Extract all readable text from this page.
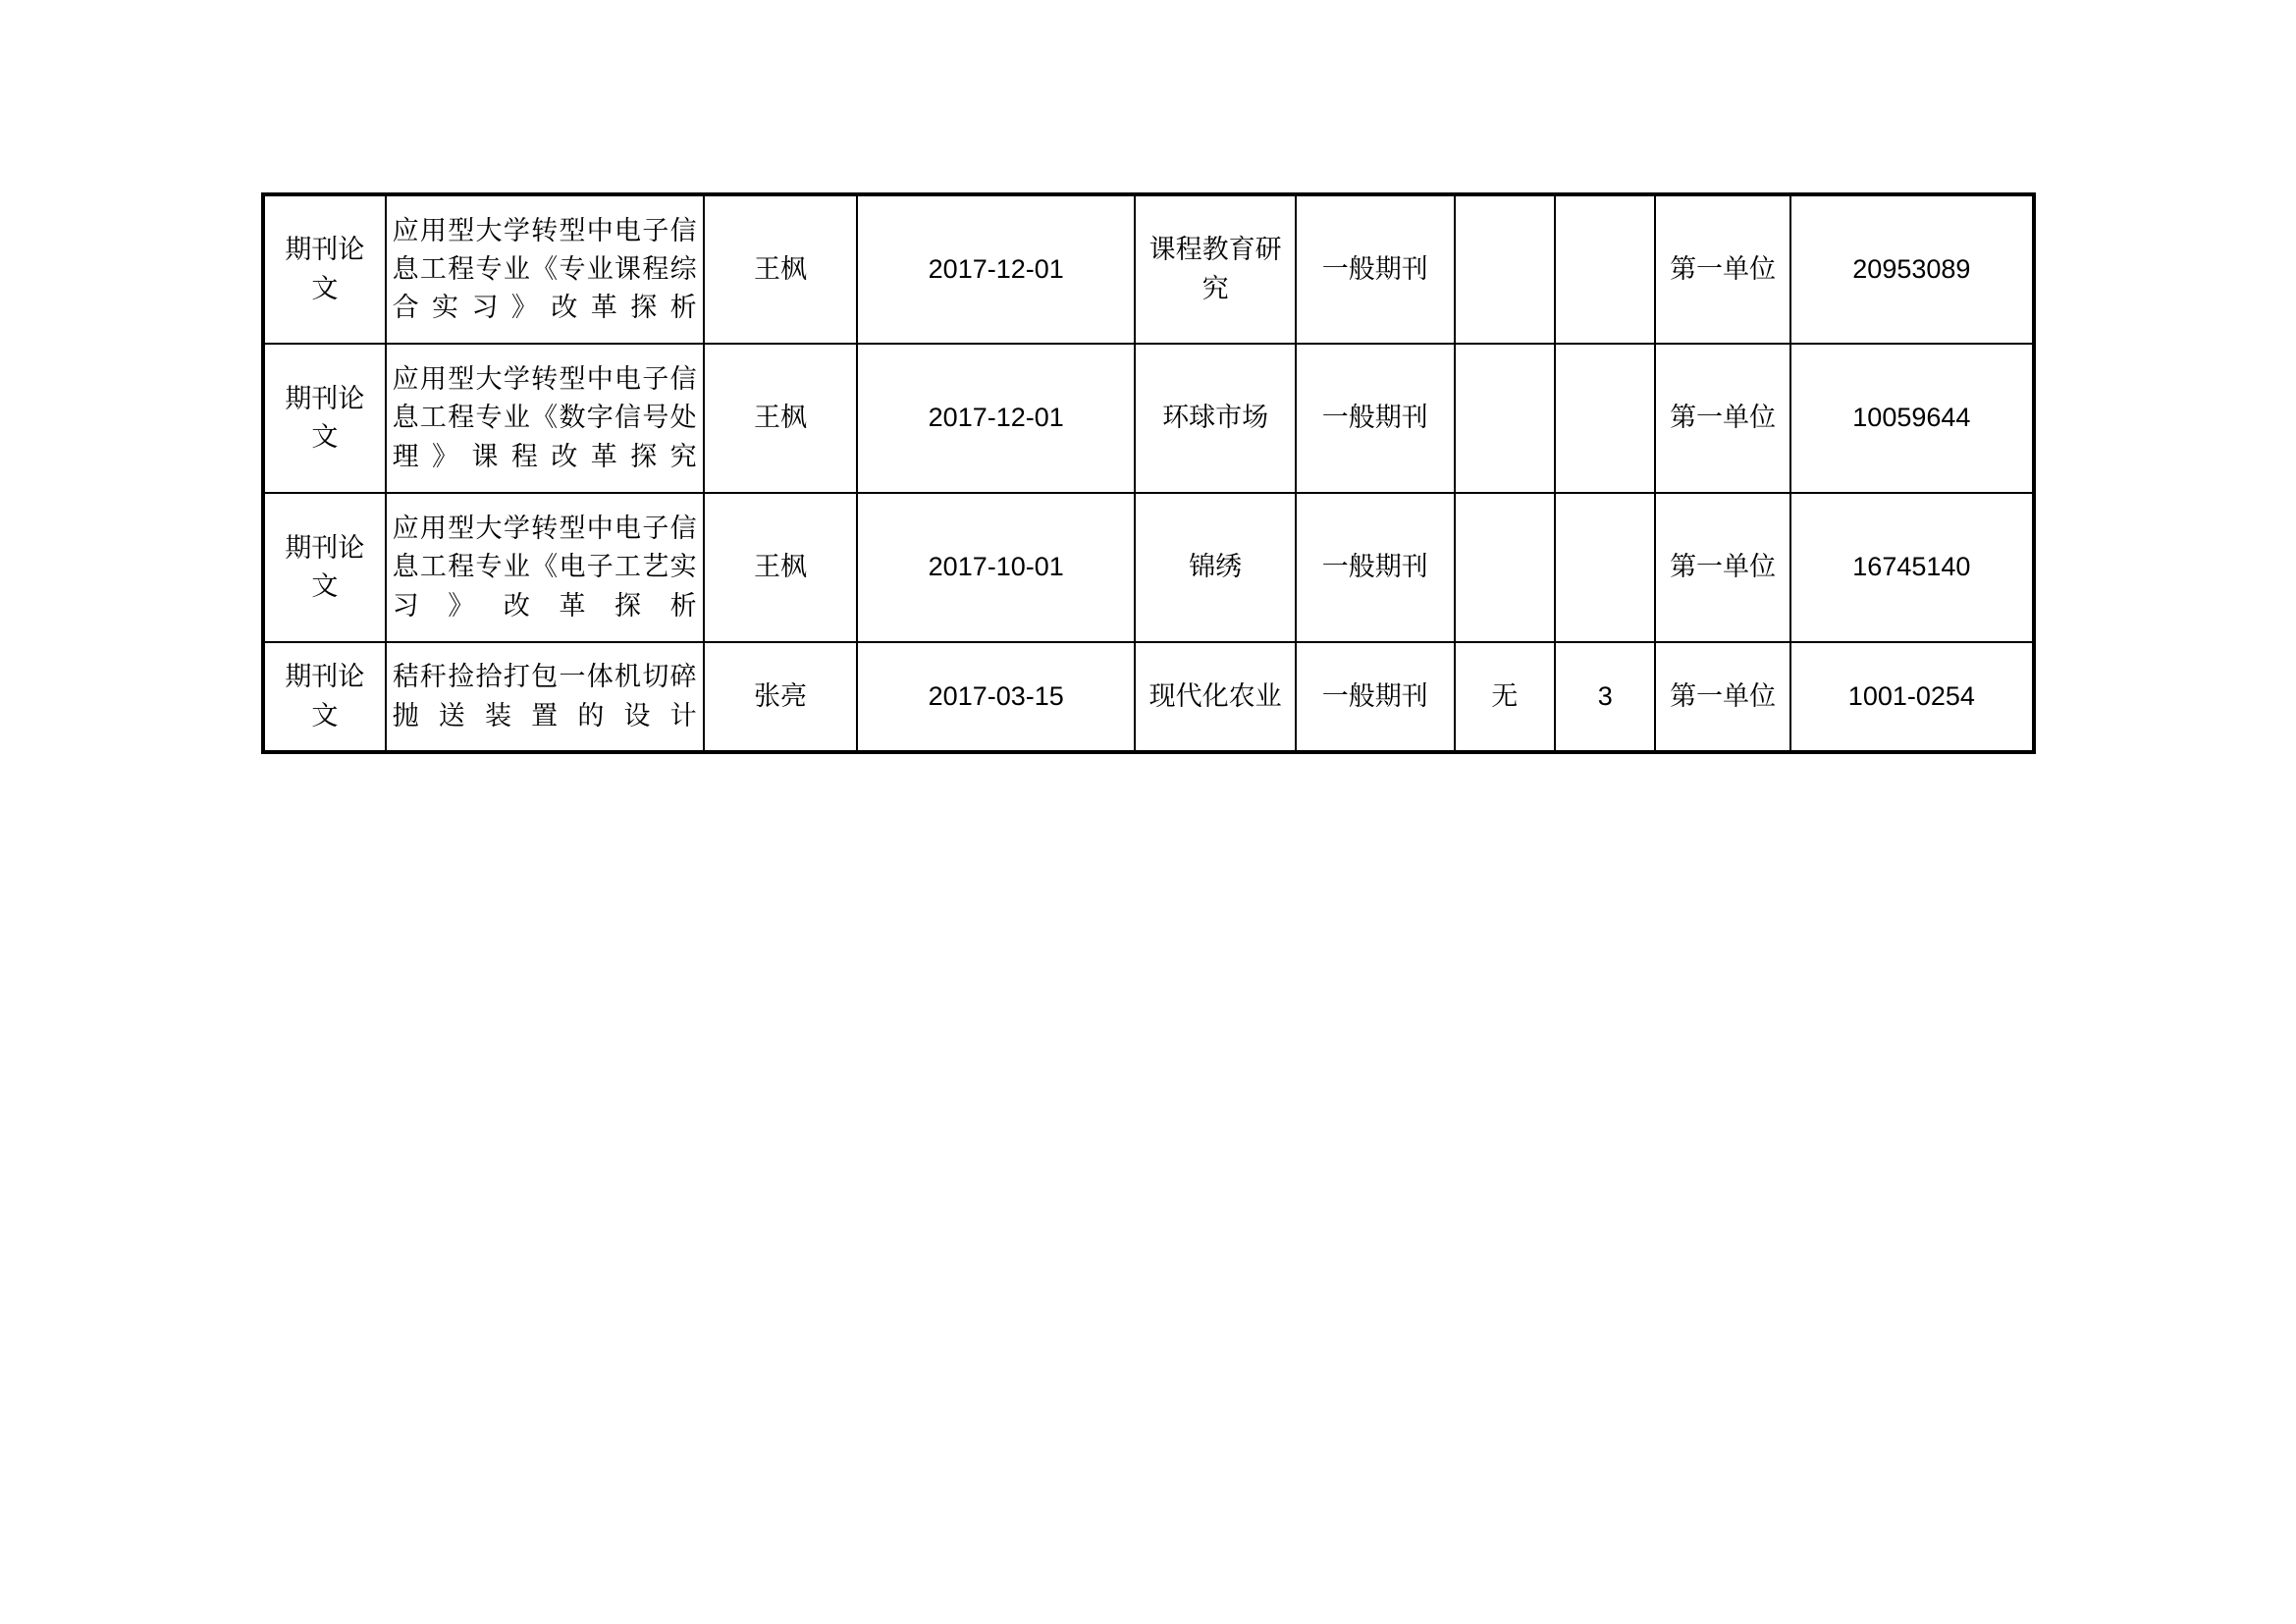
期刊论 文	应用型大学转型中电子信息工程专业《专业课程综合实习》改革探析	王枫	2017-12-01	课程教育研究	一般期刊			第一单位	20953089
期刊论 文	应用型大学转型中电子信息工程专业《数字信号处理》课程改革探究	王枫	2017-12-01	环球市场	一般期刊			第一单位	10059644
期刊论 文	应用型大学转型中电子信息工程专业《电子工艺实习》改革探析	王枫	2017-10-01	锦绣	一般期刊			第一单位	16745140
期刊论 文	秸秆捡拾打包一体机切碎抛送装置的设计	张亮	2017-03-15	现代化农业	一般期刊	无	3	第一单位	1001-0254
